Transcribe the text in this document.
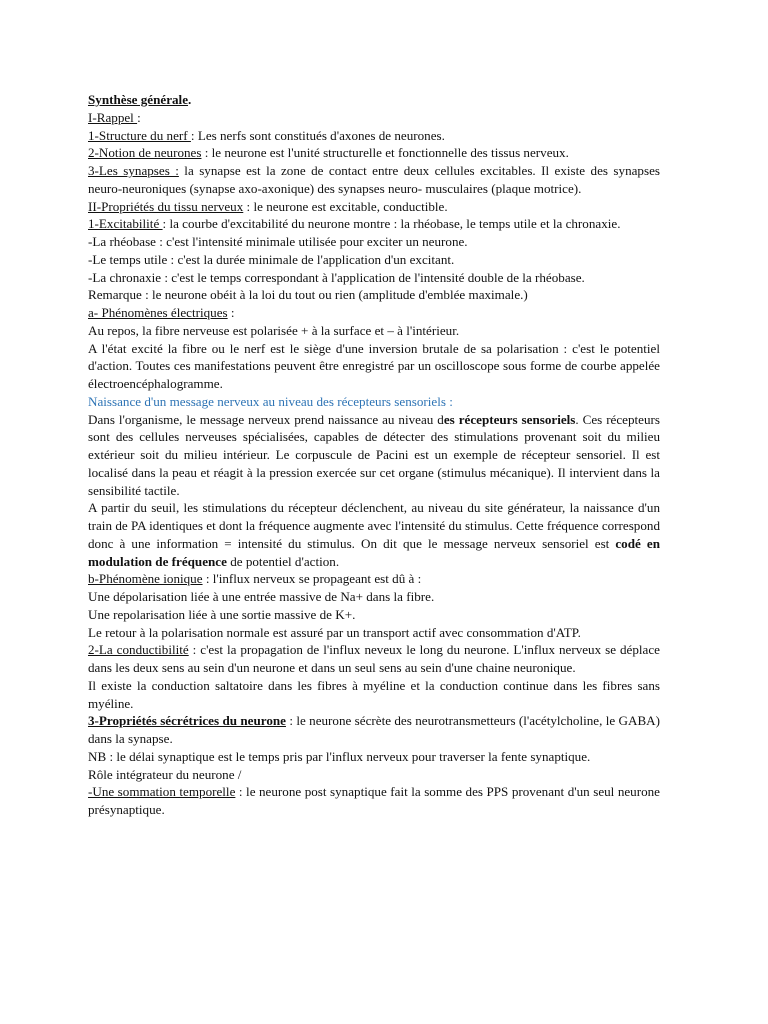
Synthèse générale.

I-Rappel :

1-Structure du nerf : Les nerfs sont constitués d'axones de neurones.

2-Notion de neurones : le neurone est l'unité structurelle et fonctionnelle des tissus nerveux.

3-Les synapses : la synapse est la zone de contact entre deux cellules excitables. Il existe des synapses neuro-neuroniques (synapse axo-axonique) des synapses neuro- musculaires (plaque motrice).

II-Propriétés du tissu nerveux : le neurone est excitable, conductible.

1-Excitabilité : la courbe d'excitabilité du neurone montre : la rhéobase, le temps utile et la chronaxie.

-La rhéobase : c'est l'intensité minimale utilisée pour exciter un neurone.

-Le temps utile : c'est la durée minimale de l'application d'un excitant.

-La chronaxie : c'est le temps correspondant à l'application de l'intensité double de la rhéobase.

Remarque : le neurone obéit à la loi du tout ou rien (amplitude d'emblée maximale.)

a- Phénomènes électriques :

Au repos, la fibre nerveuse est polarisée + à la surface et – à l'intérieur.

A l'état excité la fibre ou le nerf est le siège d'une inversion brutale de sa polarisation : c'est le potentiel d'action. Toutes ces manifestations peuvent être enregistré par un oscilloscope sous forme de courbe appelée électroencéphalogramme.

Naissance d'un message nerveux au niveau des récepteurs sensoriels :

Dans l'organisme, le message nerveux prend naissance au niveau des récepteurs sensoriels. Ces récepteurs sont des cellules nerveuses spécialisées, capables de détecter des stimulations provenant soit du milieu extérieur soit du milieu intérieur. Le corpuscule de Pacini est un exemple de récepteur sensoriel. Il est localisé dans la peau et réagit à la pression exercée sur cet organe (stimulus mécanique). Il intervient dans la sensibilité tactile.

A partir du seuil, les stimulations du récepteur déclenchent, au niveau du site générateur, la naissance d'un train de PA identiques et dont la fréquence augmente avec l'intensité du stimulus. Cette fréquence correspond donc à une information = intensité du stimulus. On dit que le message nerveux sensoriel est codé en modulation de fréquence de potentiel d'action.

b-Phénomène ionique : l'influx nerveux se propageant est dû à :

Une dépolarisation liée à une entrée massive de Na+ dans la fibre.

Une repolarisation liée à une sortie massive de K+.

Le retour à la polarisation normale est assuré par un transport actif avec consommation d'ATP.

2-La conductibilité : c'est la propagation de l'influx neveux le long du neurone. L'influx nerveux se déplace dans les deux sens au sein d'un neurone et dans un seul sens au sein d'une chaine neuronique.

Il existe la conduction saltatoire dans les fibres à myéline et la conduction continue dans les fibres sans myéline.

3-Propriétés sécrétrices du neurone : le neurone sécrète des neurotransmetteurs (l'acétylcholine, le GABA) dans la synapse.

NB : le délai synaptique est le temps pris par l'influx nerveux pour traverser la fente synaptique.

Rôle intégrateur du neurone /

-Une sommation temporelle : le neurone post synaptique fait la somme des PPS provenant d'un seul neurone présynaptique.
